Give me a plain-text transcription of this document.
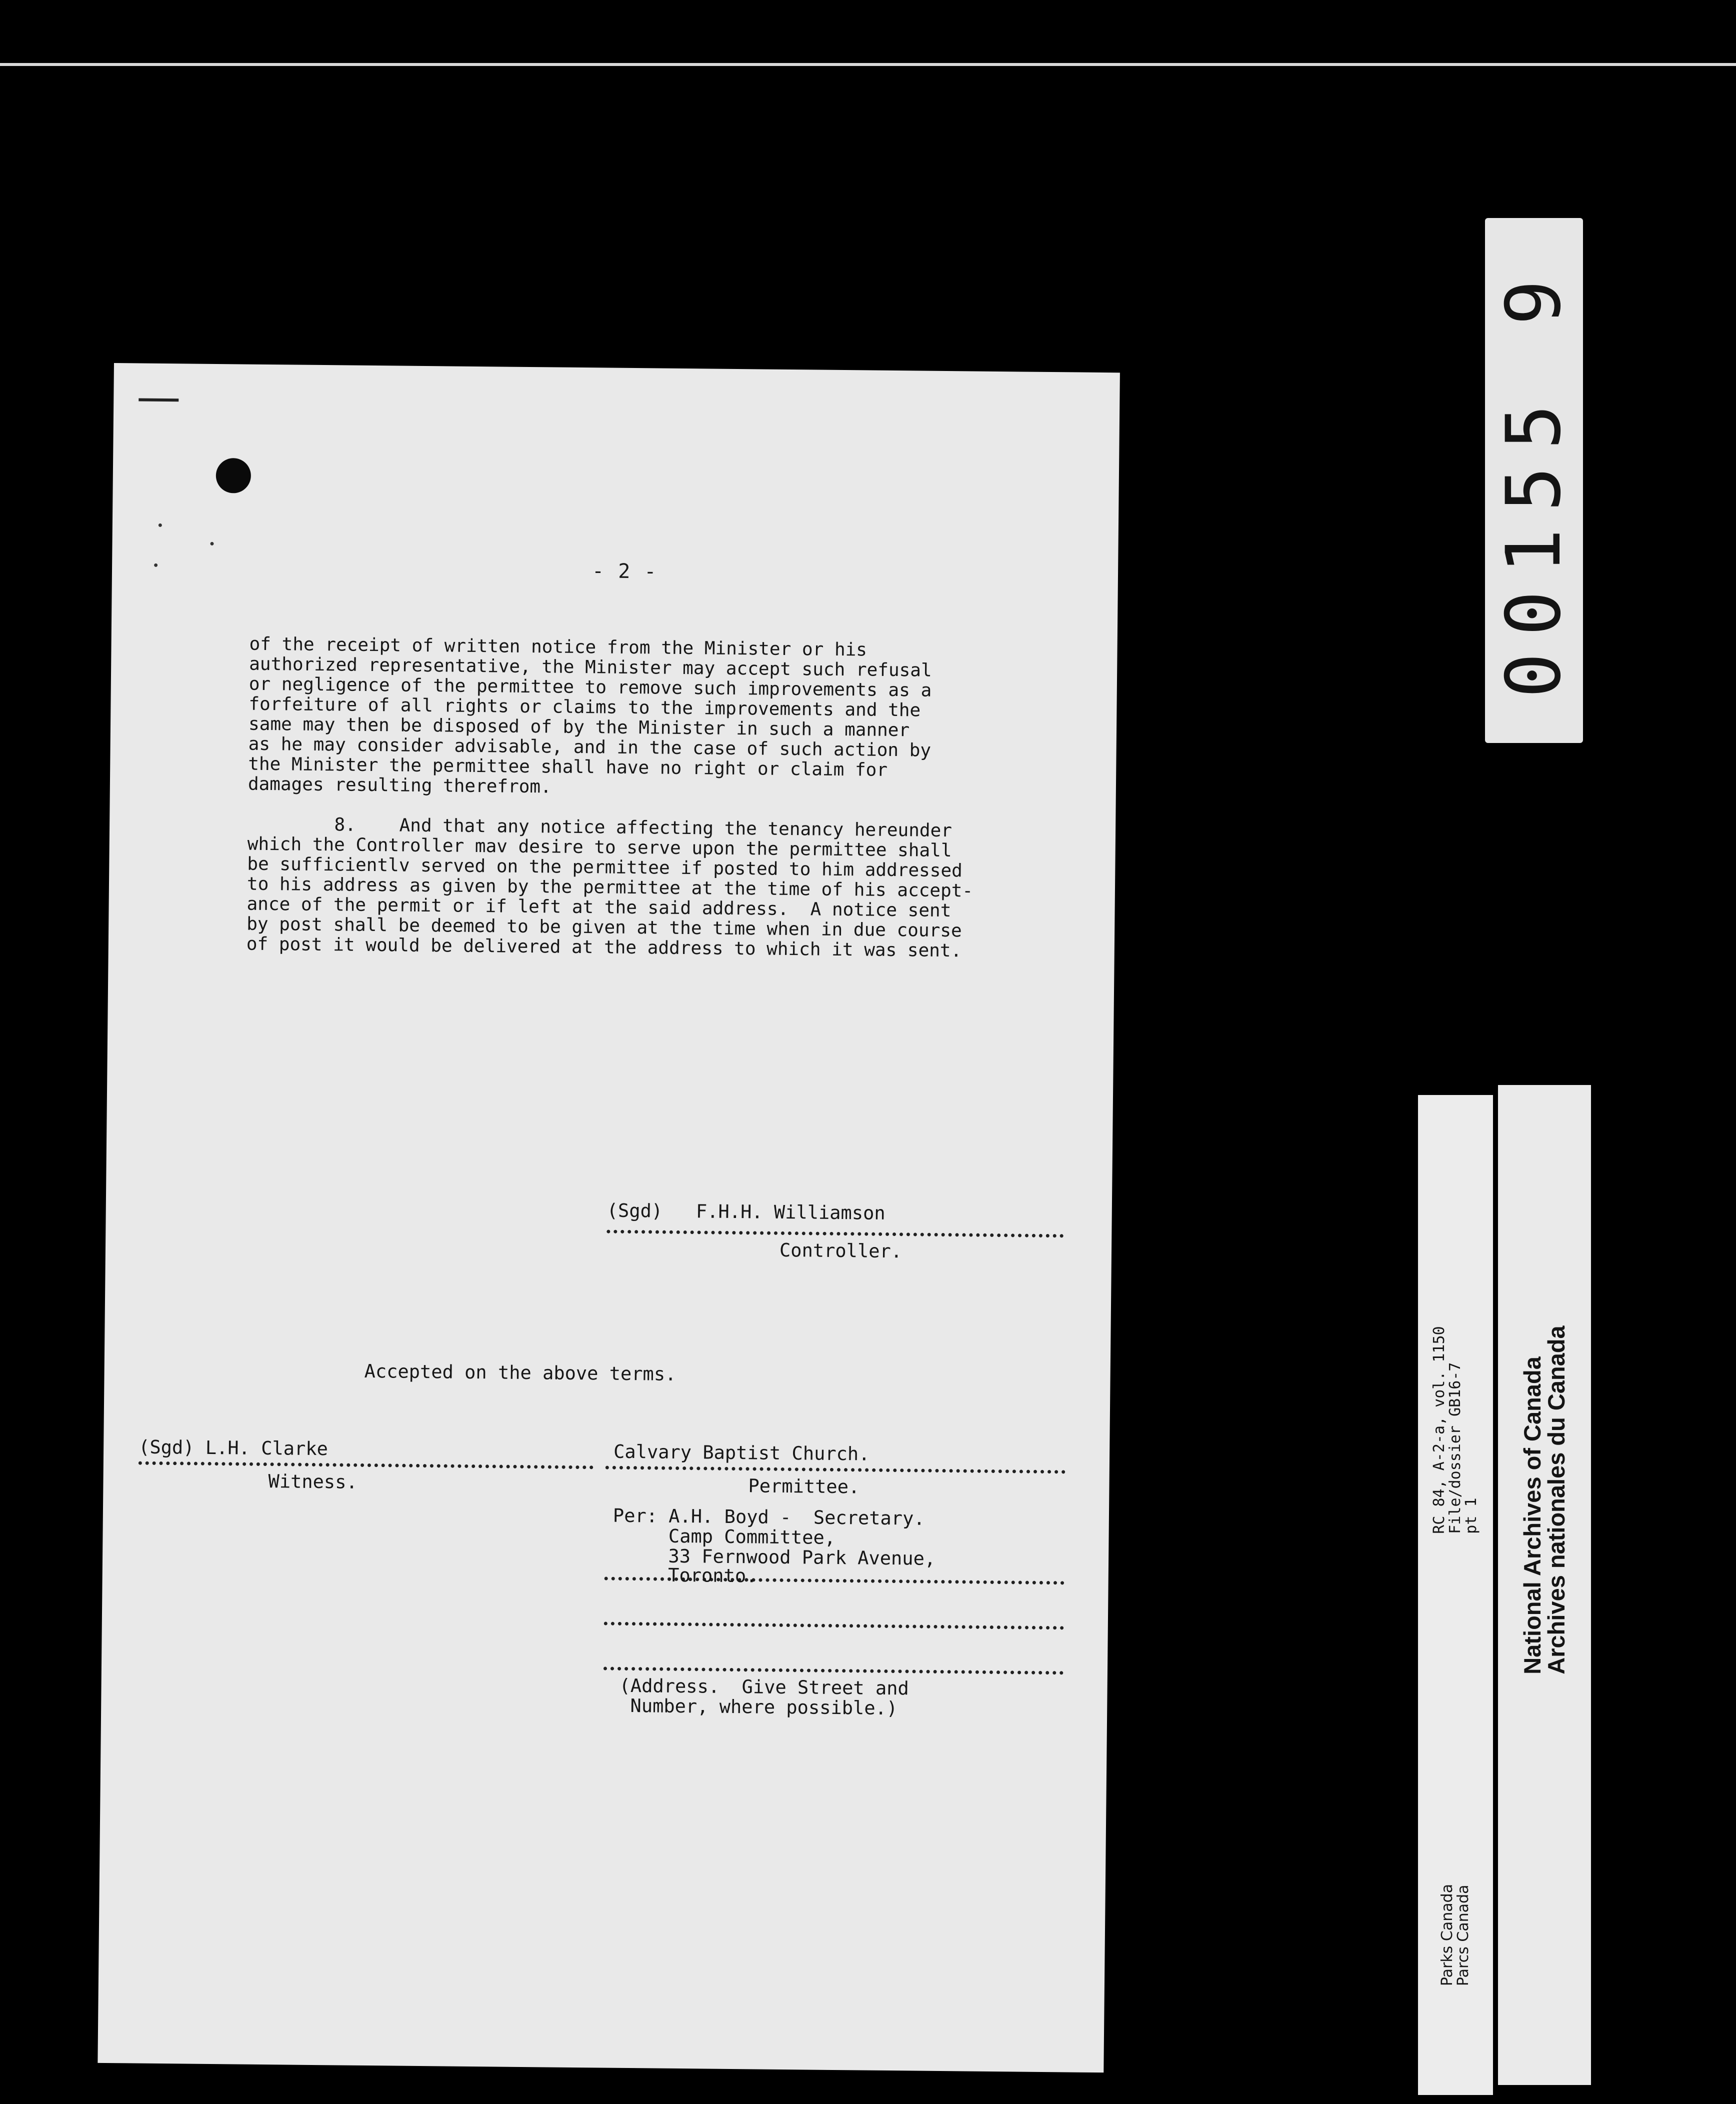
- 2 -
of the receipt of written notice from the Minister or his
authorized representative, the Minister may accept such refusal
or negligence of the permittee to remove such improvements as a
forfeiture of all rights or claims to the improvements and the
same may then be disposed of by the Minister in such a manner
as he may consider advisable, and in the case of such action by
the Minister the permittee shall have no right or claim for
damages resulting therefrom.

8.    And that any notice affecting the tenancy hereunder
which the Controller mav desire to serve upon the permittee shall
be sufficientlv served on the permittee if posted to him addressed
to his address as given by the permittee at the time of his accept-
ance of the permit or if left at the said address.  A notice sent
by post shall be deemed to be given at the time when in due course
of post it would be delivered at the address to which it was sent.

(Sgd)   F.H.H. Williamson

Controller.

Accepted on the above terms.

(Sgd) L.H. Clarke

Witness.

Calvary Baptist Church.

Permittee.

Per: A.H. Boyd -  Secretary.

Camp Committee,

33 Fernwood Park Avenue,

Toronto.

(Address.  Give Street and

Number, where possible.)

00155 9
RC 84, A-2-a, vol. 1150
File/dossier GB16-7
pt 1
Parks Canada
Parcs Canada
National Archives of Canada
Archives nationales du Canada
